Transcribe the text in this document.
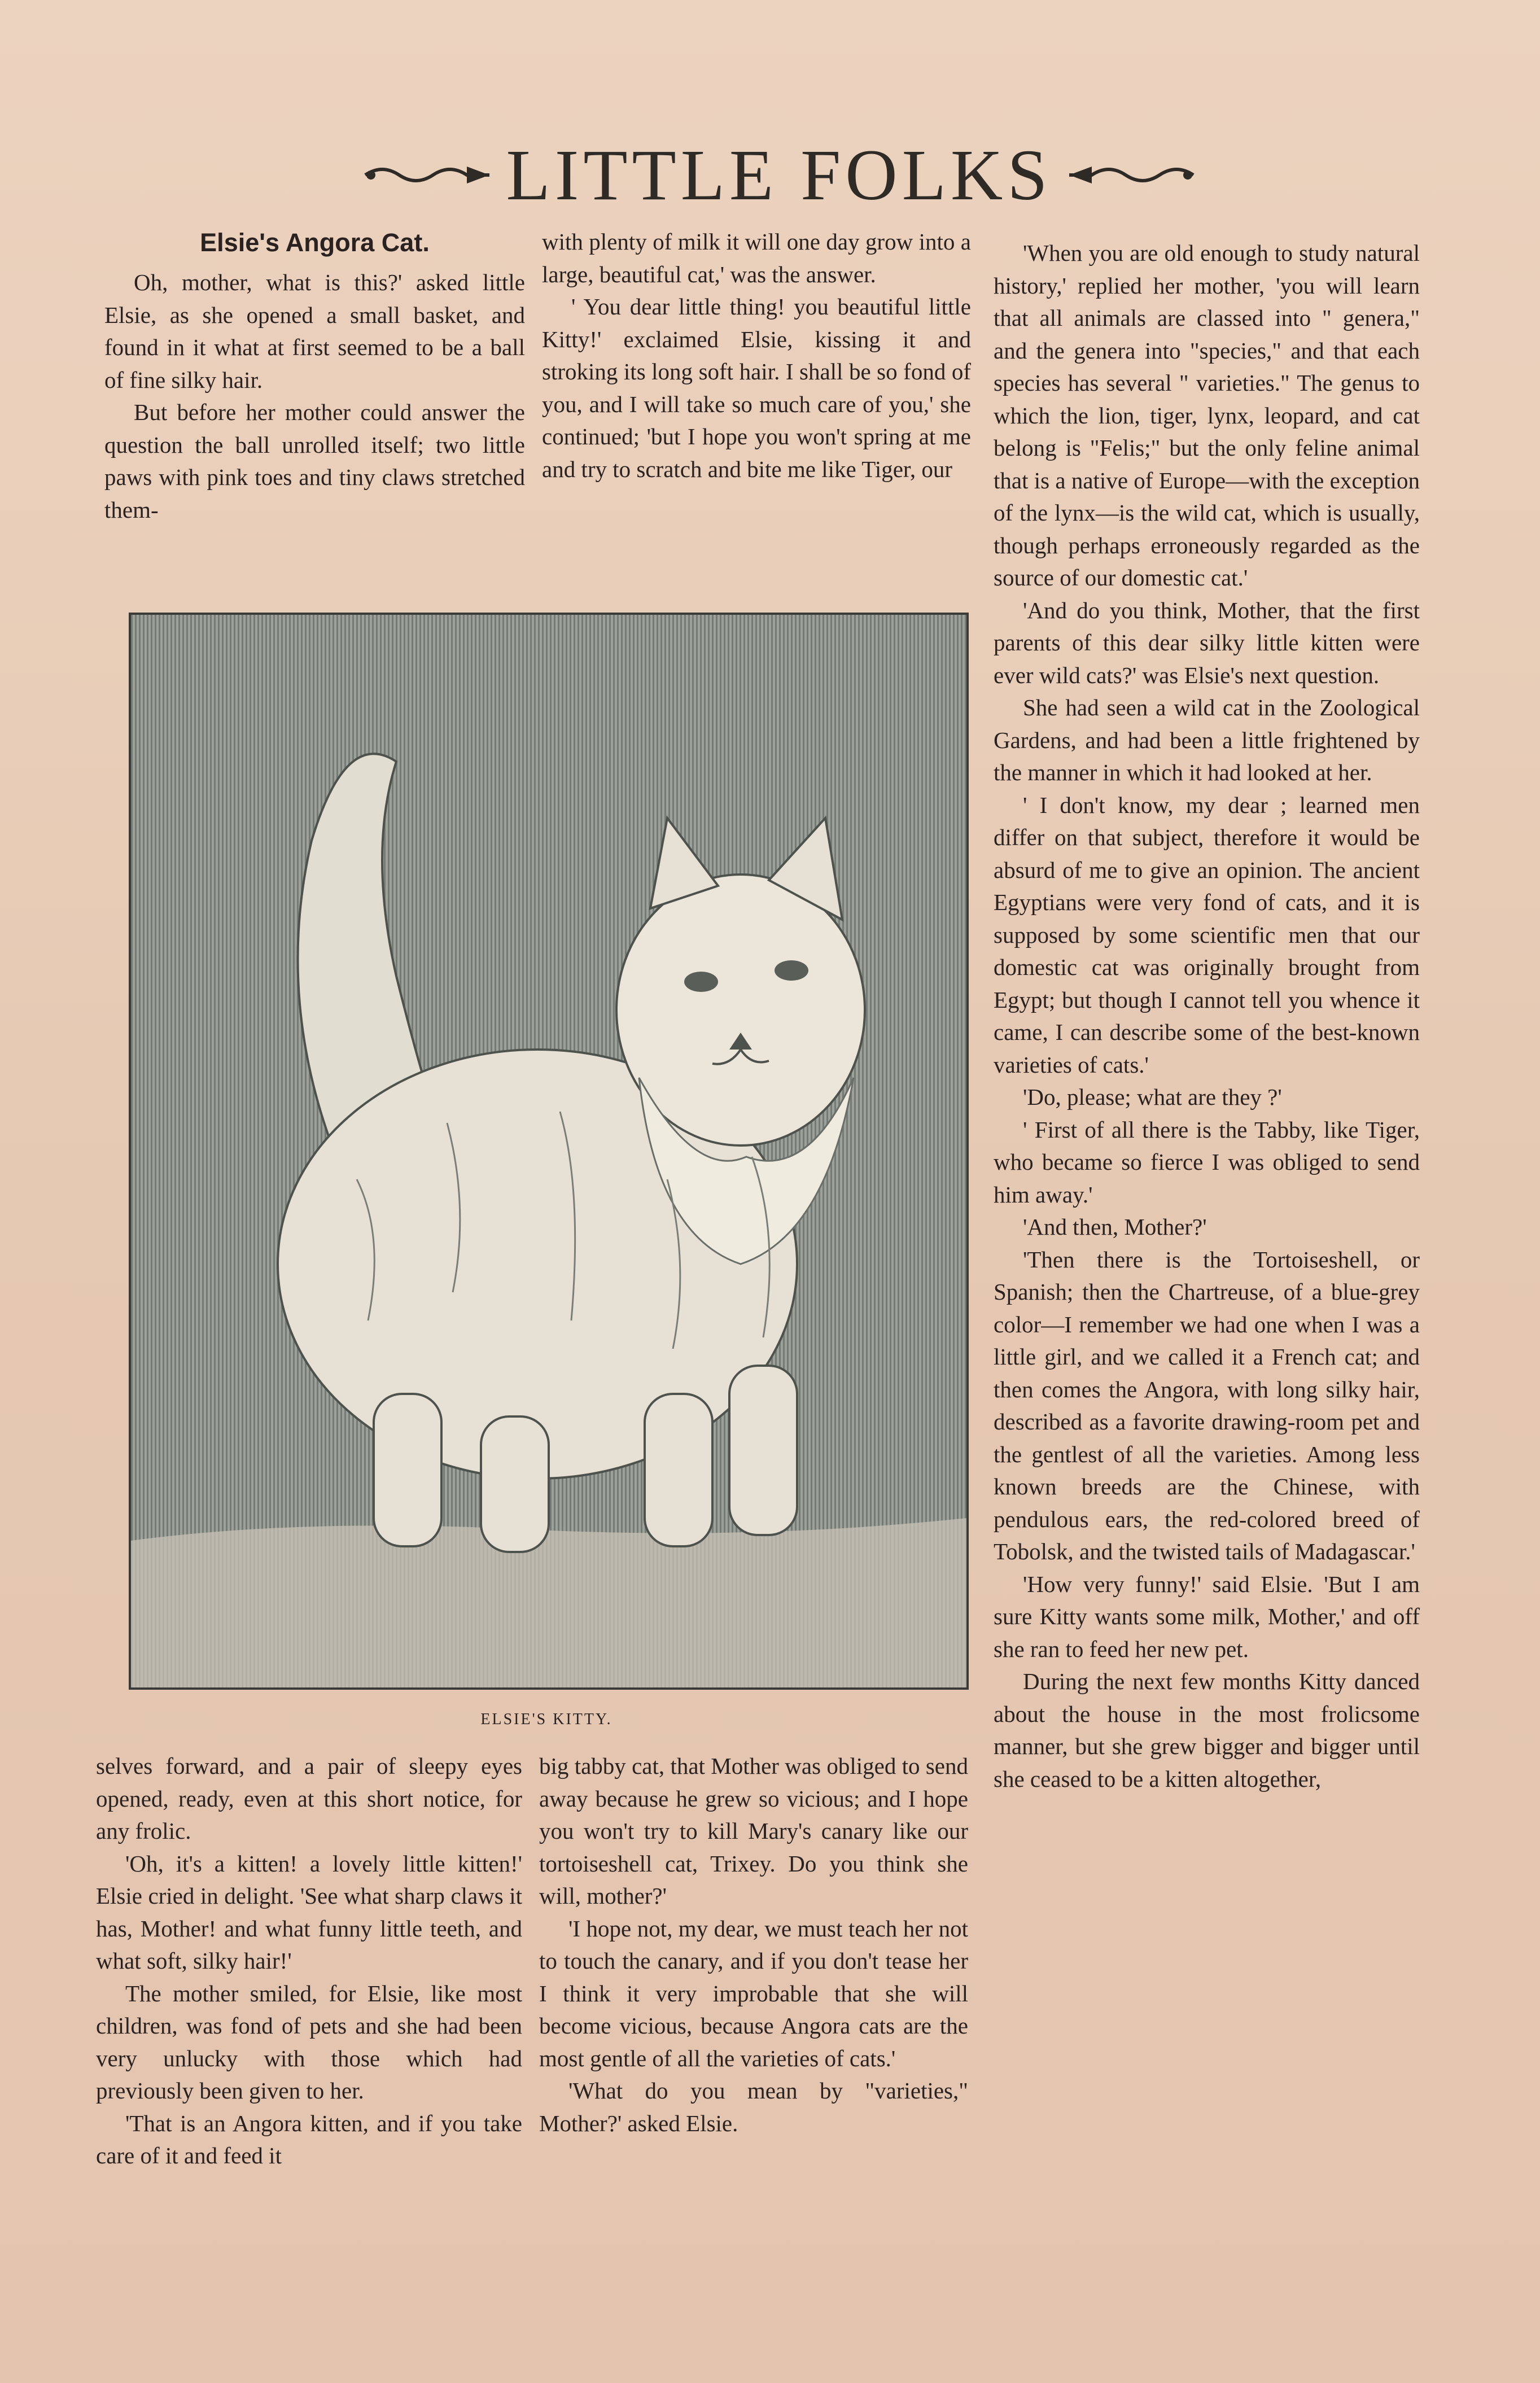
LITTLE FOLKS
Elsie's Angora Cat.

Oh, mother, what is this?' asked little Elsie, as she opened a small basket, and found in it what at first seemed to be a ball of fine silky hair.

But before her mother could answer the question the ball unrolled itself; two little paws with pink toes and tiny claws stretched them-

with plenty of milk it will one day grow into a large, beautiful cat,' was the answer.

' You dear little thing! you beautiful little Kitty!' exclaimed Elsie, kissing it and stroking its long soft hair. I shall be so fond of you, and I will take so much care of you,' she continued; 'but I hope you won't spring at me and try to scratch and bite me like Tiger, our

'When you are old enough to study natural history,' replied her mother, 'you will learn that all animals are classed into " genera," and the genera into "species," and that each species has several " varieties." The genus to which the lion, tiger, lynx, leopard, and cat belong is "Felis;" but the only feline animal that is a native of Europe—with the exception of the lynx—is the wild cat, which is usually, though perhaps erroneously regarded as the source of our domestic cat.'

'And do you think, Mother, that the first parents of this dear silky little kitten were ever wild cats?' was Elsie's next question.

She had seen a wild cat in the Zoological Gardens, and had been a little frightened by the manner in which it had looked at her.

' I don't know, my dear ; learned men differ on that subject, therefore it would be absurd of me to give an opinion. The ancient Egyptians were very fond of cats, and it is supposed by some scientific men that our domestic cat was originally brought from Egypt; but though I cannot tell you whence it came, I can describe some of the best-known varieties of cats.'

'Do, please; what are they ?'

' First of all there is the Tabby, like Tiger, who became so fierce I was obliged to send him away.'

'And then, Mother?'

'Then there is the Tortoiseshell, or Spanish; then the Chartreuse, of a blue-grey color—I remember we had one when I was a little girl, and we called it a French cat; and then comes the Angora, with long silky hair, described as a favorite drawing-room pet and the gentlest of all the varieties. Among less known breeds are the Chinese, with pendulous ears, the red-colored breed of Tobolsk, and the twisted tails of Madagascar.'

'How very funny!' said Elsie. 'But I am sure Kitty wants some milk, Mother,' and off she ran to feed her new pet.

During the next few months Kitty danced about the house in the most frolicsome manner, but she grew bigger and bigger until she ceased to be a kitten altogether,

ELSIE'S KITTY.

selves forward, and a pair of sleepy eyes opened, ready, even at this short notice, for any frolic.

'Oh, it's a kitten! a lovely little kitten!' Elsie cried in delight. 'See what sharp claws it has, Mother! and what funny little teeth, and what soft, silky hair!'

The mother smiled, for Elsie, like most children, was fond of pets and she had been very unlucky with those which had previously been given to her.

'That is an Angora kitten, and if you take care of it and feed it

big tabby cat, that Mother was obliged to send away because he grew so vicious; and I hope you won't try to kill Mary's canary like our tortoiseshell cat, Trixey. Do you think she will, mother?'

'I hope not, my dear, we must teach her not to touch the canary, and if you don't tease her I think it very improbable that she will become vicious, because Angora cats are the most gentle of all the varieties of cats.'

'What do you mean by "varieties," Mother?' asked Elsie.
